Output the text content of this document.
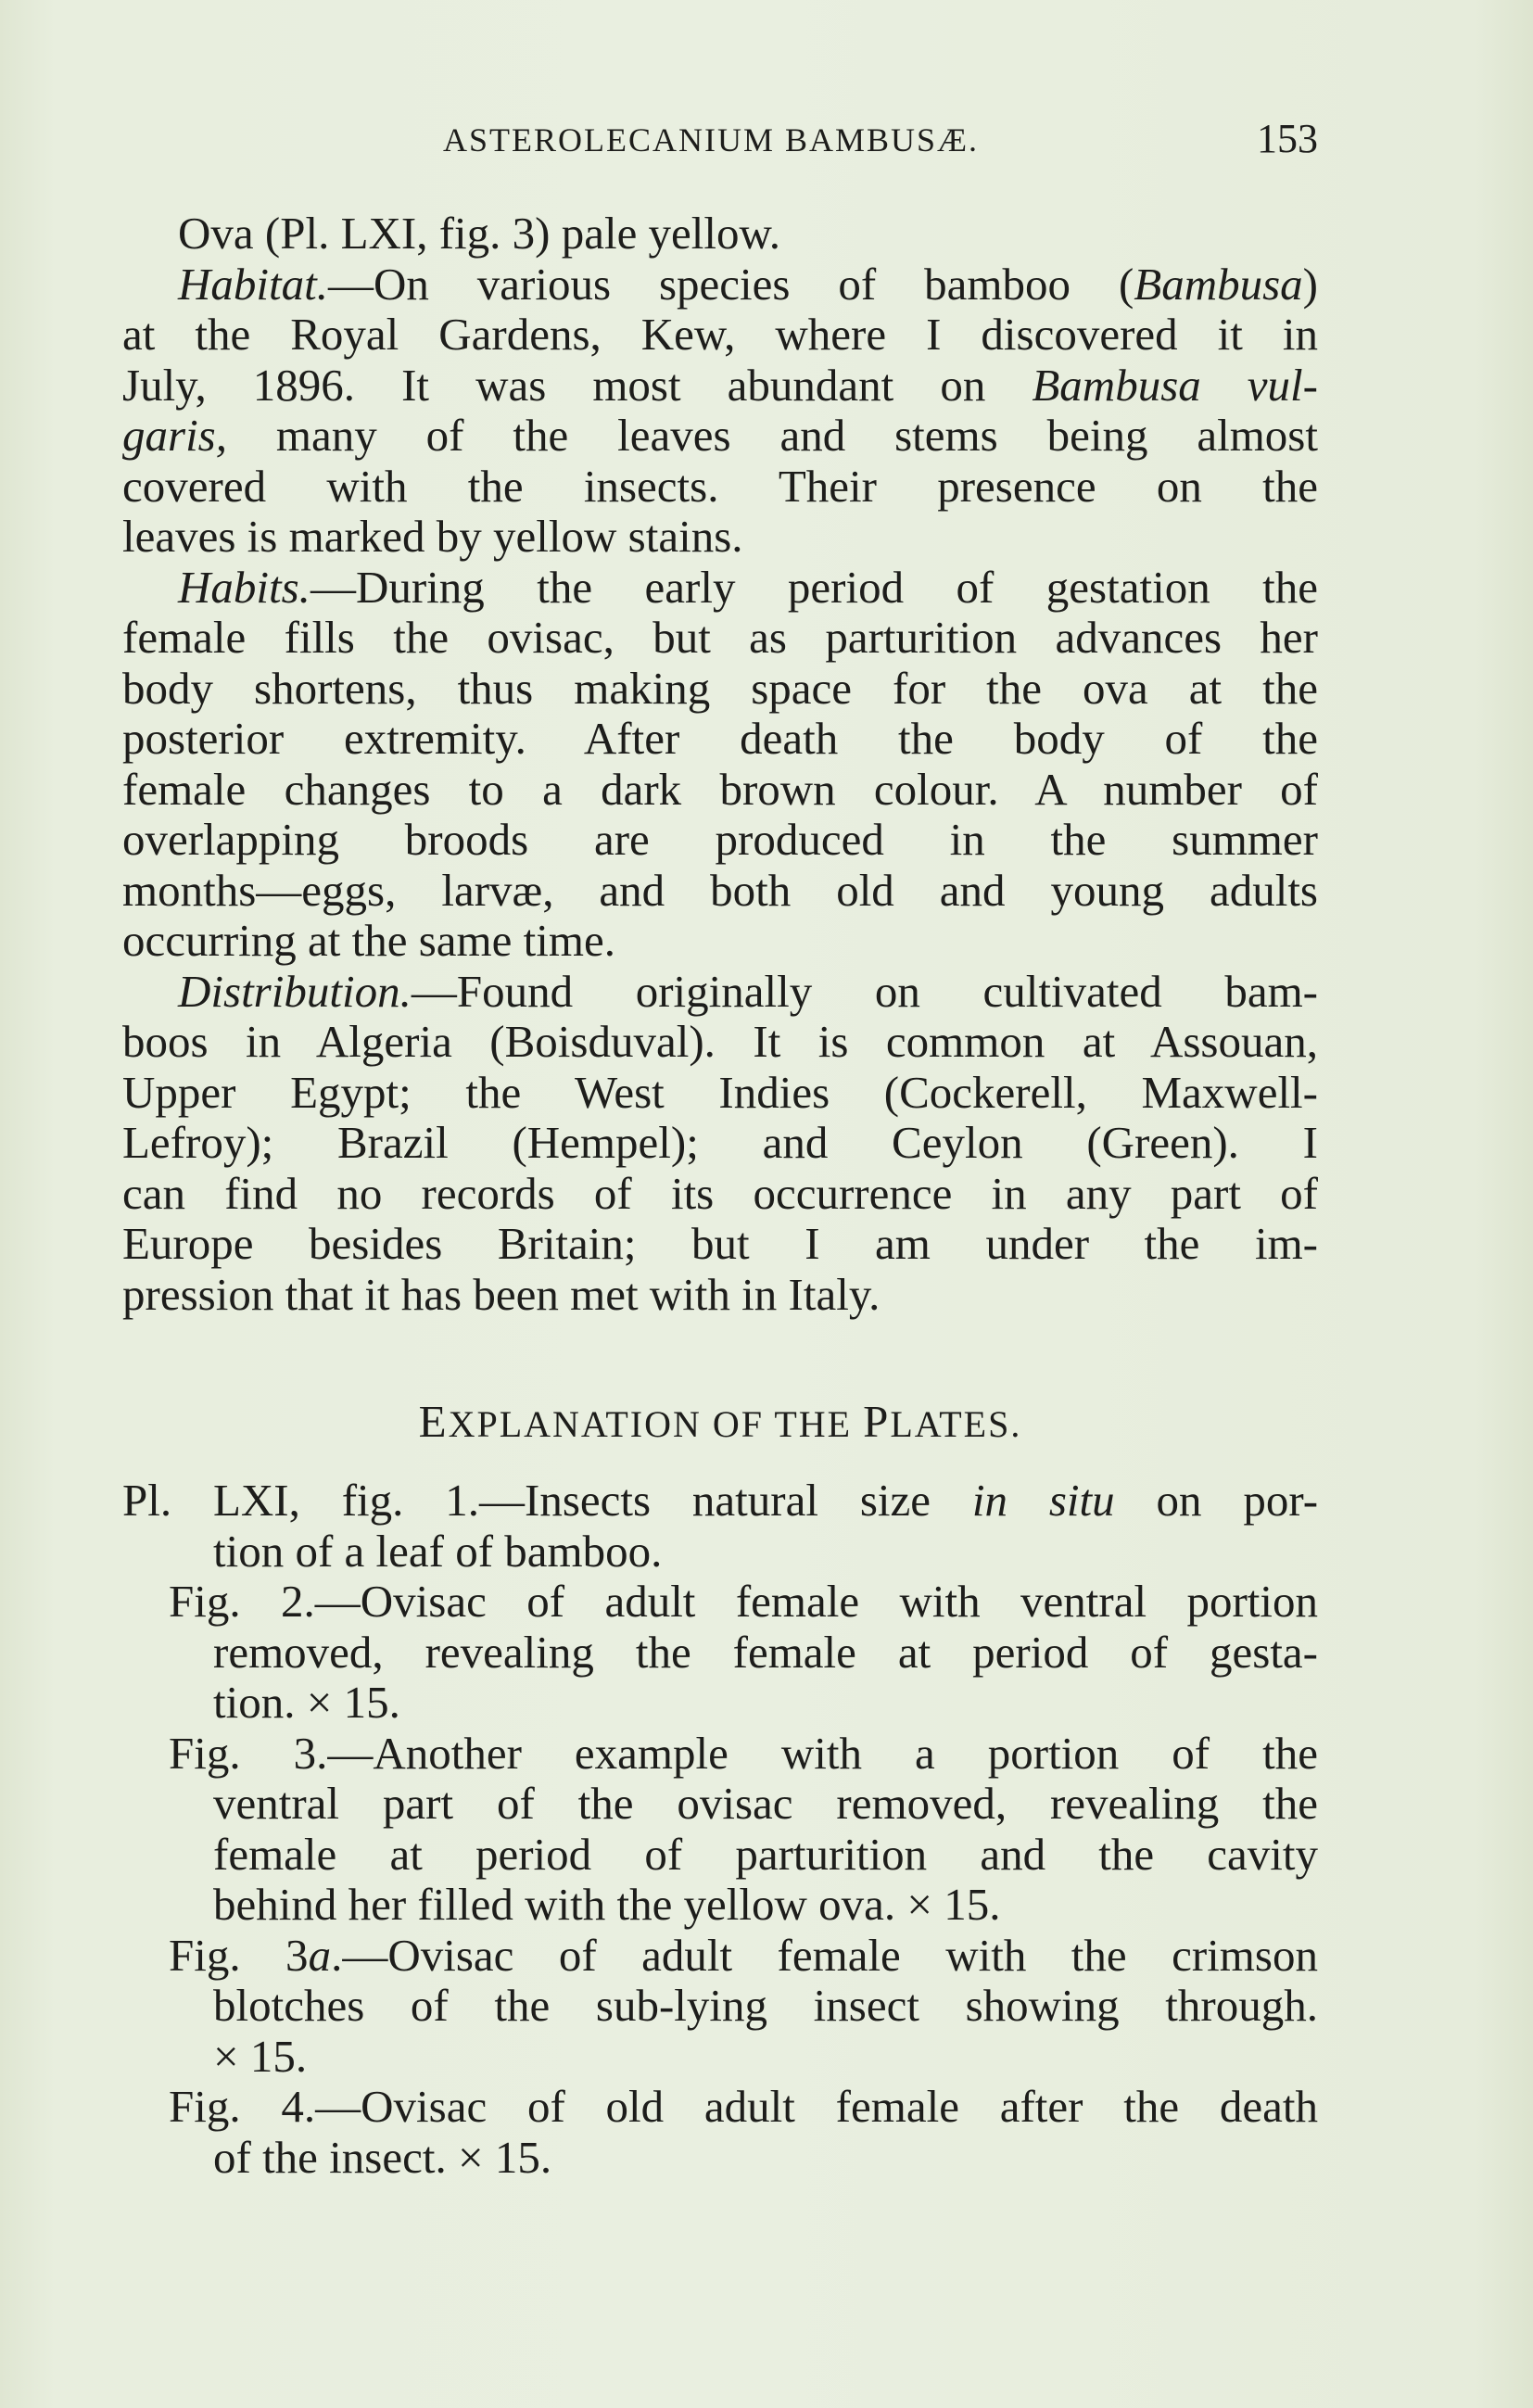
ASTEROLECANIUM BAMBUSÆ.	153
Ova (Pl. LXI, fig. 3) pale yellow.
Habitat.—On various species of bamboo (Bambusa)
at the Royal Gardens, Kew, where I discovered it in
July, 1896. It was most abundant on Bambusa vul-
garis, many of the leaves and stems being almost
covered with the insects. Their presence on the
leaves is marked by yellow stains.
Habits.—During the early period of gestation the
female fills the ovisac, but as parturition advances her
body shortens, thus making space for the ova at the
posterior extremity. After death the body of the
female changes to a dark brown colour. A number of
overlapping broods are produced in the summer
months—eggs, larvæ, and both old and young adults
occurring at the same time.
Distribution.—Found originally on cultivated bam-
boos in Algeria (Boisduval). It is common at Assouan,
Upper Egypt; the West Indies (Cockerell, Maxwell-
Lefroy); Brazil (Hempel); and Ceylon (Green). I
can find no records of its occurrence in any part of
Europe besides Britain; but I am under the im-
pression that it has been met with in Italy.
EXPLANATION OF THE PLATES.
Pl. LXI, fig. 1.—Insects natural size in situ on por-
tion of a leaf of bamboo.
Fig. 2.—Ovisac of adult female with ventral portion
removed, revealing the female at period of gesta-
tion. × 15.
Fig. 3.—Another example with a portion of the
ventral part of the ovisac removed, revealing the
female at period of parturition and the cavity
behind her filled with the yellow ova. × 15.
Fig. 3a.—Ovisac of adult female with the crimson
blotches of the sub-lying insect showing through.
× 15.
Fig. 4.—Ovisac of old adult female after the death
of the insect. × 15.
